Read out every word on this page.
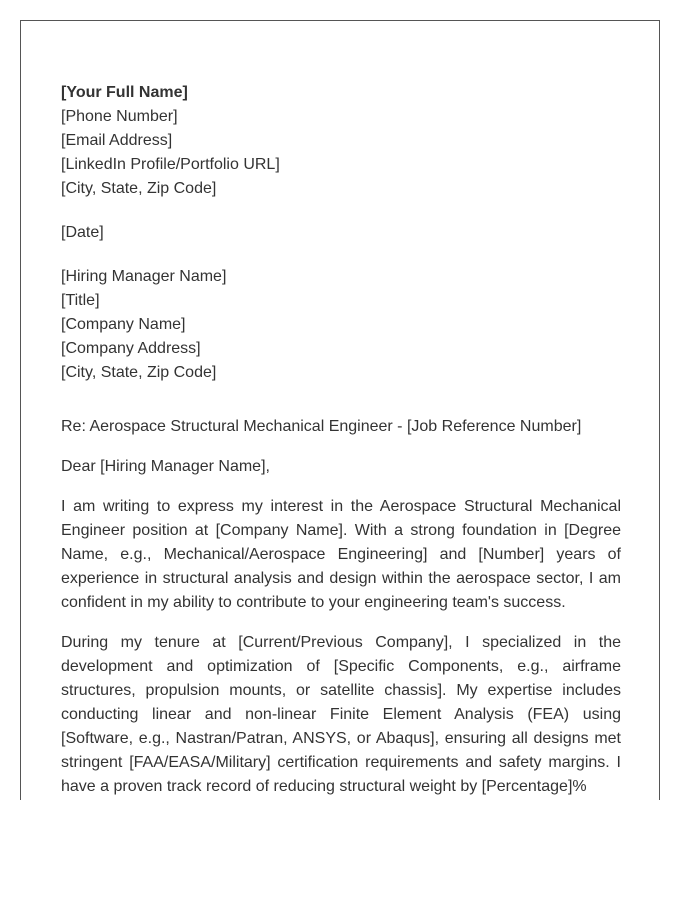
[Your Full Name]
[Phone Number]
[Email Address]
[LinkedIn Profile/Portfolio URL]
[City, State, Zip Code]
[Date]
[Hiring Manager Name]
[Title]
[Company Name]
[Company Address]
[City, State, Zip Code]
Re: Aerospace Structural Mechanical Engineer - [Job Reference Number]
Dear [Hiring Manager Name],

I am writing to express my interest in the Aerospace Structural Mechanical Engineer position at [Company Name]. With a strong foundation in [Degree Name, e.g., Mechanical/Aerospace Engineering] and [Number] years of experience in structural analysis and design within the aerospace sector, I am confident in my ability to contribute to your engineering team's success.

During my tenure at [Current/Previous Company], I specialized in the development and optimization of [Specific Components, e.g., airframe structures, propulsion mounts, or satellite chassis]. My expertise includes conducting linear and non-linear Finite Element Analysis (FEA) using [Software, e.g., Nastran/Patran, ANSYS, or Abaqus], ensuring all designs met stringent [FAA/EASA/Military] certification requirements and safety margins. I have a proven track record of reducing structural weight by [Percentage]%
